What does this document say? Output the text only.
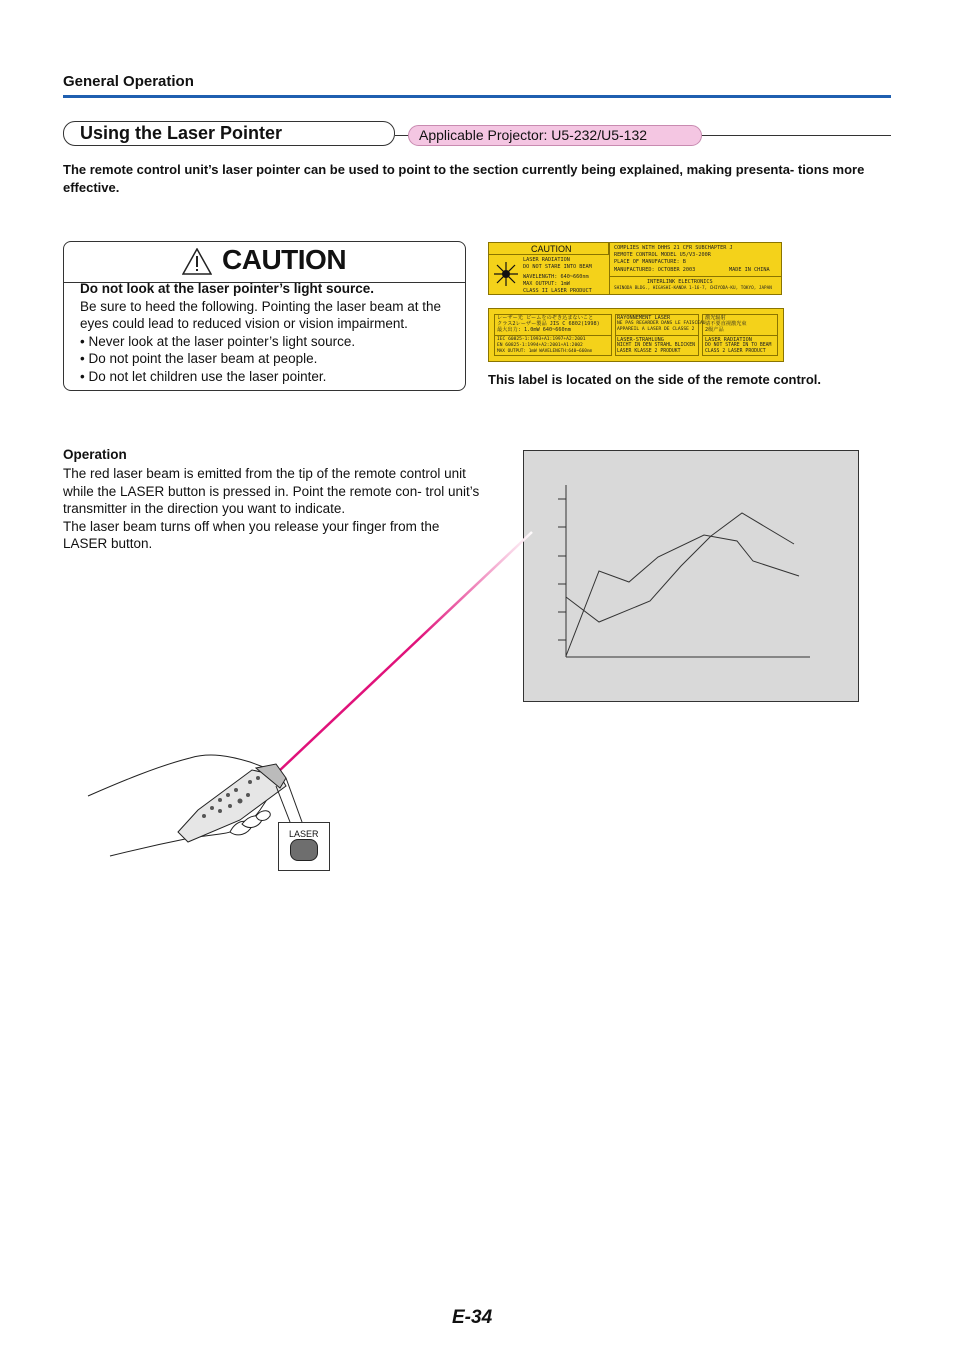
General Operation
Using the Laser Pointer	Applicable Projector: U5-232/U5-132
The remote control unit’s laser pointer can be used to point to the section currently being explained, making presenta- tions more effective.
CAUTION
Do not look at the laser pointer’s light source.
Be sure to heed the following. Pointing the laser beam at the eyes could lead to reduced vision or vision impairment.
• Never look at the laser pointer’s light source.
• Do not point the laser beam at people.
• Do not let children use the laser pointer.
CAUTION
LASER RADIATION
DO NOT STARE INTO BEAM
WAVELENGTH: 640~660nm
MAX OUTPUT: 1mW
CLASS II LASER PRODUCT
COMPLIES WITH DHHS 21 CFR SUBCHAPTER J
REMOTE CONTROL MODEL U5/V3-200R
PLACE OF MANUFACTURE: B
MANUFACTURED: OCTOBER 2003	MADE IN CHINA
INTERLINK ELECTRONICS
SHINODA BLDG., HIGASHI-KANDA 1-16-7, CHIYODA-KU, TOKYO, JAPAN
レーザー光 ビームをのぞき込まないこと
クラス2レーザー製品 JIS C 6802(1998)
最大出力: 1.0mW 640~660nm
IEC 60825-1:1993+A1:1997+A2:2001
EN 60825-1:1994+A2:2001+A1:2002
MAX OUTPUT: 1mW WAVELENGTH:640~660nm
RAYONNEMENT LASER
NE PAS REGARDER DANS LE FAISCEAU
APPAREIL A LASER DE CLASSE 2
LASER-STRAHLUNG
NICHT IN DEN STRAHL BLICKEN
LASER KLASSE 2 PRODUKT
激光辐射
请不要直视激光束
2级产品
LASER RADIATION
DO NOT STARE IN TO BEAM
CLASS 2 LASER PRODUCT
This label is located on the side of the remote control.
Operation

The red laser beam is emitted from the tip of the remote control unit while the LASER button is pressed in. Point the remote con- trol unit’s transmitter in the direction you want to indicate.

The laser beam turns off when you release your finger from the LASER button.

LASER
E-34
